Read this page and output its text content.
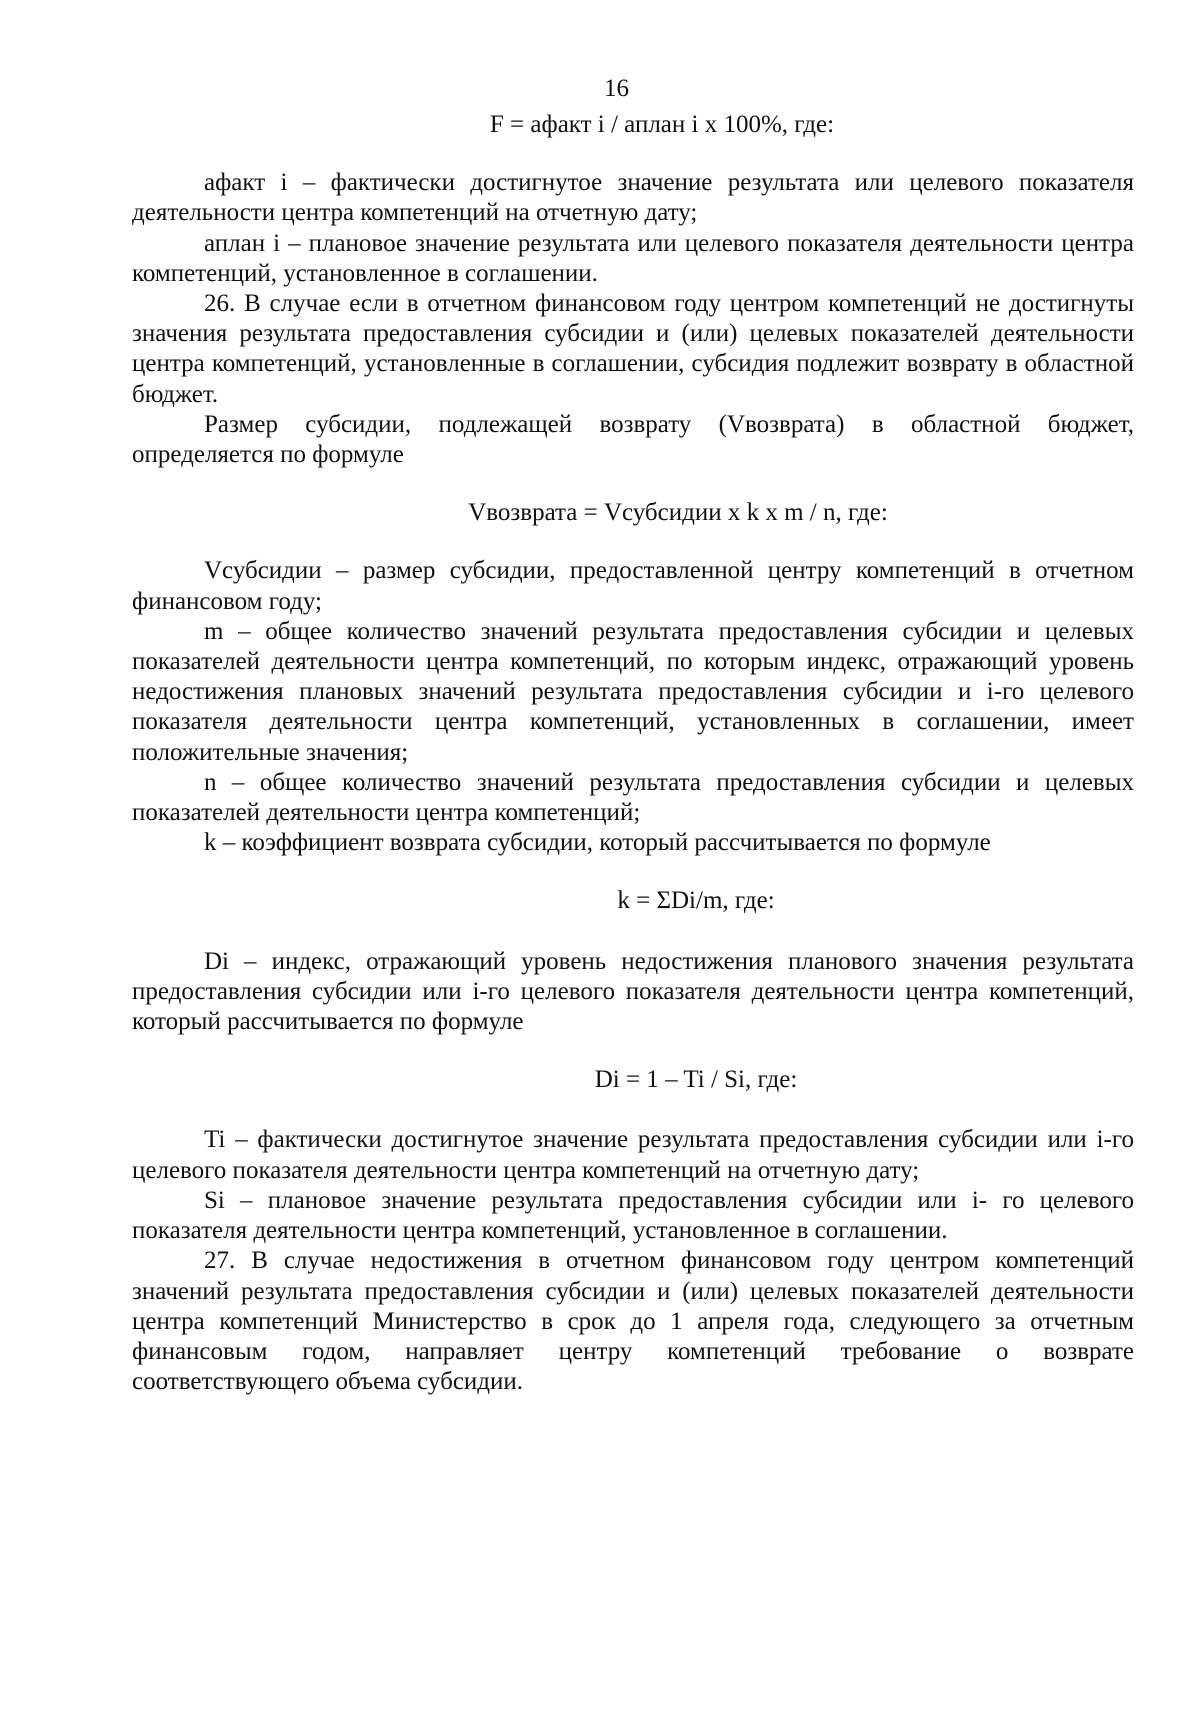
16
F = афакт i / аплан i x 100%, где:

афакт i – фактически достигнутое значение результата или целевого показателя деятельности центра компетенций на отчетную дату;

аплан i – плановое значение результата или целевого показателя деятельности центра компетенций, установленное в соглашении.

26. В случае если в отчетном финансовом году центром компетенций не достигнуты значения результата предоставления субсидии и (или) целевых показателей деятельности центра компетенций, установленные в соглашении, субсидия подлежит возврату в областной бюджет.

Размер субсидии, подлежащей возврату (Vвозврата) в областной бюджет, определяется по формуле

Vвозврата = Vсубсидии x k x m / n, где:

Vсубсидии – размер субсидии, предоставленной центру компетенций в отчетном финансовом году;

m – общее количество значений результата предоставления субсидии и целевых показателей деятельности центра компетенций, по которым индекс, отражающий уровень недостижения плановых значений результата предоставления субсидии и i-го целевого показателя деятельности центра компетенций, установленных в соглашении, имеет положительные значения;

n – общее количество значений результата предоставления субсидии и целевых показателей деятельности центра компетенций;

k – коэффициент возврата субсидии, который рассчитывается по формуле

k = ΣDi/m, где:

Di – индекс, отражающий уровень недостижения планового значения результата предоставления субсидии или i-го целевого показателя деятельности центра компетенций, который рассчитывается по формуле

Di = 1 – Ti / Si, где:

Ti – фактически достигнутое значение результата предоставления субсидии или i-го целевого показателя деятельности центра компетенций на отчетную дату;

Si – плановое значение результата предоставления субсидии или i- го целевого показателя деятельности центра компетенций, установленное в соглашении.

27. В случае недостижения в отчетном финансовом году центром компетенций значений результата предоставления субсидии и (или) целевых показателей деятельности центра компетенций Министерство в срок до 1 апреля года, следующего за отчетным финансовым годом, направляет центру компетенций требование о возврате соответствующего объема субсидии.
